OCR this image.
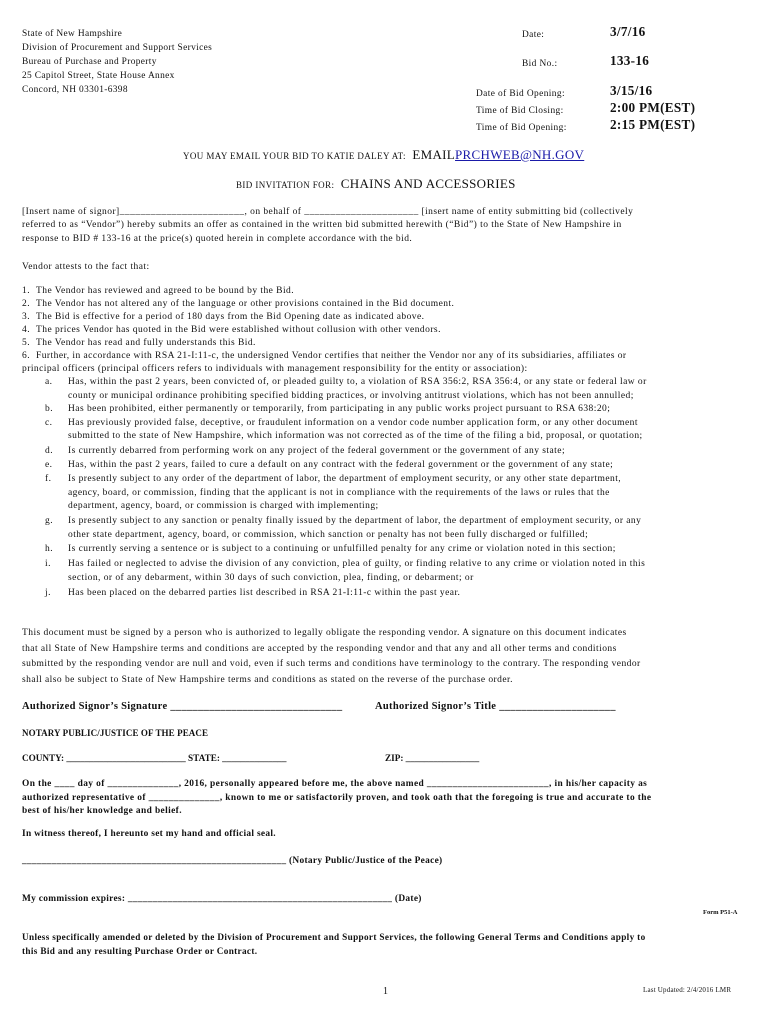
State of New Hampshire
Division of Procurement and Support Services
Bureau of Purchase and Property
25 Capitol Street, State House Annex
Concord, NH 03301-6398
Date:	3/7/16
Bid No.:	133-16
Date of Bid Opening:	3/15/16
Time of Bid Closing:	2:00 PM(EST)
Time of Bid Opening:	2:15 PM(EST)
YOU MAY EMAIL YOUR BID TO KATIE DALEY AT: EMAILPRCHWEB@NH.GOV
BID INVITATION FOR: CHAINS AND ACCESSORIES
[Insert name of signor]________________________, on behalf of ______________________ [insert name of entity submitting bid (collectively
referred to as “Vendor”) hereby submits an offer as contained in the written bid submitted herewith (“Bid”) to the State of New Hampshire in
response to BID # 133-16 at the price(s) quoted herein in complete accordance with the bid.
Vendor attests to the fact that:
1. The Vendor has reviewed and agreed to be bound by the Bid.
2. The Vendor has not altered any of the language or other provisions contained in the Bid document.
3. The Bid is effective for a period of 180 days from the Bid Opening date as indicated above.
4. The prices Vendor has quoted in the Bid were established without collusion with other vendors.
5. The Vendor has read and fully understands this Bid.
6. Further, in accordance with RSA 21-I:11-c, the undersigned Vendor certifies that neither the Vendor nor any of its subsidiaries, affiliates or
principal officers (principal officers refers to individuals with management responsibility for the entity or association):
a. Has, within the past 2 years, been convicted of, or pleaded guilty to, a violation of RSA 356:2, RSA 356:4, or any state or federal law or
county or municipal ordinance prohibiting specified bidding practices, or involving antitrust violations, which has not been annulled;
b. Has been prohibited, either permanently or temporarily, from participating in any public works project pursuant to RSA 638:20;
c. Has previously provided false, deceptive, or fraudulent information on a vendor code number application form, or any other document
submitted to the state of New Hampshire, which information was not corrected as of the time of the filing a bid, proposal, or quotation;
d. Is currently debarred from performing work on any project of the federal government or the government of any state;
e. Has, within the past 2 years, failed to cure a default on any contract with the federal government or the government of any state;
f. Is presently subject to any order of the department of labor, the department of employment security, or any other state department,
agency, board, or commission, finding that the applicant is not in compliance with the requirements of the laws or rules that the
department, agency, board, or commission is charged with implementing;
g. Is presently subject to any sanction or penalty finally issued by the department of labor, the department of employment security, or any
other state department, agency, board, or commission, which sanction or penalty has not been fully discharged or fulfilled;
h. Is currently serving a sentence or is subject to a continuing or unfulfilled penalty for any crime or violation noted in this section;
i. Has failed or neglected to advise the division of any conviction, plea of guilty, or finding relative to any crime or violation noted in this
section, or of any debarment, within 30 days of such conviction, plea, finding, or debarment; or
j. Has been placed on the debarred parties list described in RSA 21-I:11-c within the past year.
This document must be signed by a person who is authorized to legally obligate the responding vendor. A signature on this document indicates
that all State of New Hampshire terms and conditions are accepted by the responding vendor and that any and all other terms and conditions
submitted by the responding vendor are null and void, even if such terms and conditions have terminology to the contrary. The responding vendor
shall also be subject to State of New Hampshire terms and conditions as stated on the reverse of the purchase order.
Authorized Signor’s Signature _______________________________	Authorized Signor’s Title _____________________
NOTARY PUBLIC/JUSTICE OF THE PEACE
COUNTY: __________________________ STATE: ______________	ZIP: ________________
On the ____ day of ______________, 2016, personally appeared before me, the above named ________________________, in his/her capacity as
authorized representative of ______________, known to me or satisfactorily proven, and took oath that the foregoing is true and accurate to the
best of his/her knowledge and belief.
In witness thereof, I hereunto set my hand and official seal.
_____________________________________________________ (Notary Public/Justice of the Peace)
My commission expires: _____________________________________________________ (Date)
Form P51-A
Unless specifically amended or deleted by the Division of Procurement and Support Services, the following General Terms and Conditions apply to
this Bid and any resulting Purchase Order or Contract.
1	Last Updated: 2/4/2016 LMR
